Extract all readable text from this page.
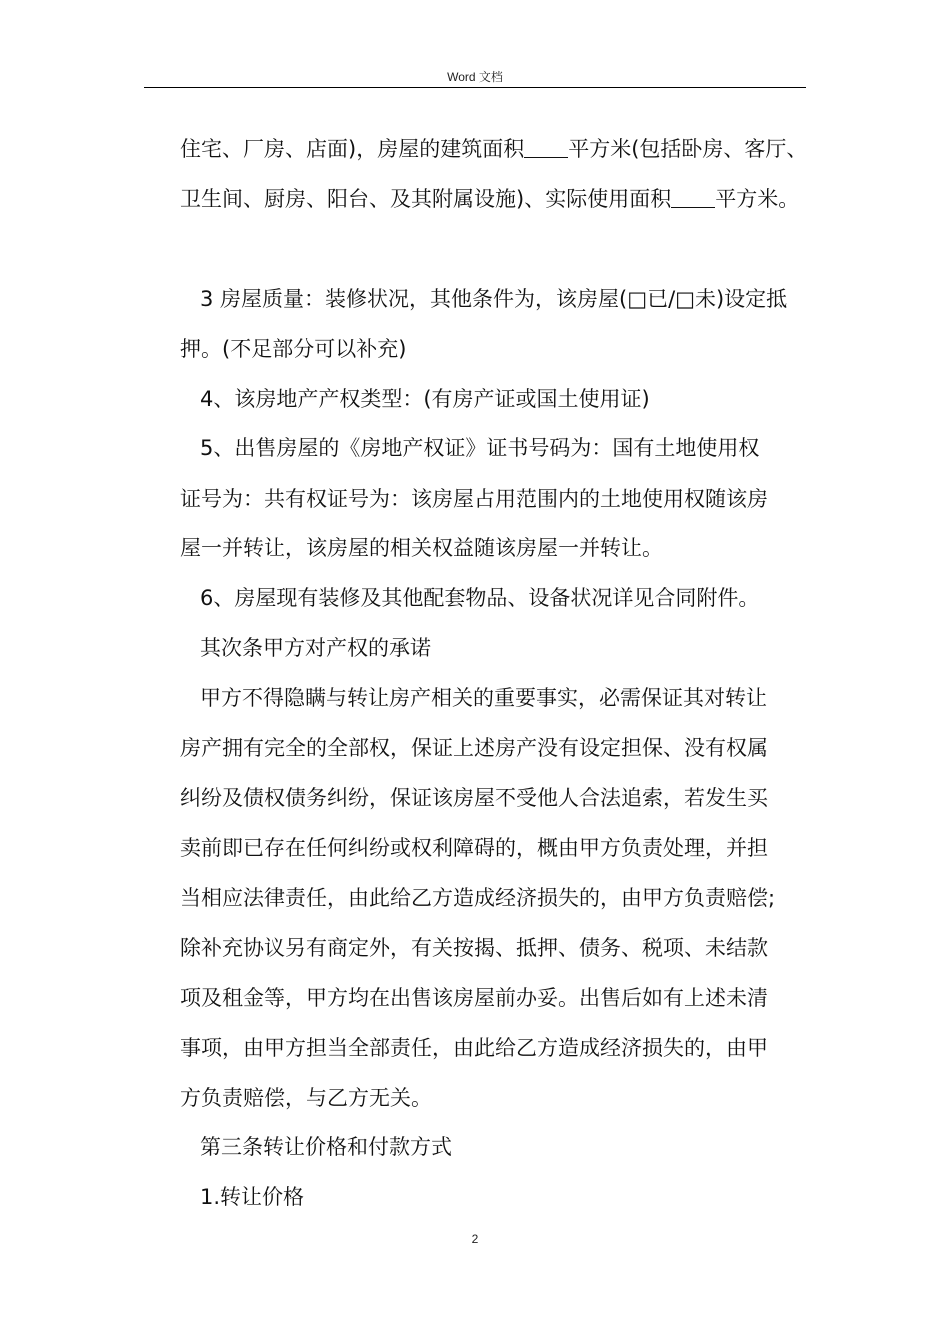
Word 文档
住宅、厂房、店面)，房屋的建筑面积 平方米(包括卧房、客厅、
卫生间、厨房、阳台、及其附属设施)、实际使用面积 平方米。
3 房屋质量：装修状况，其他条件为，该房屋(□已/□未)设定抵
押。(不足部分可以补充)
4、该房地产产权类型：(有房产证或国土使用证)
5、出售房屋的《房地产权证》证书号码为：国有土地使用权
证号为：共有权证号为：该房屋占用范围内的土地使用权随该房
屋一并转让，该房屋的相关权益随该房屋一并转让。
6、房屋现有装修及其他配套物品、设备状况详见合同附件。
其次条甲方对产权的承诺
甲方不得隐瞒与转让房产相关的重要事实，必需保证其对转让
房产拥有完全的全部权，保证上述房产没有设定担保、没有权属
纠纷及债权债务纠纷，保证该房屋不受他人合法追索，若发生买
卖前即已存在任何纠纷或权利障碍的，概由甲方负责处理，并担
当相应法律责任，由此给乙方造成经济损失的，由甲方负责赔偿;
除补充协议另有商定外，有关按揭、抵押、债务、税项、未结款
项及租金等，甲方均在出售该房屋前办妥。出售后如有上述未清
事项，由甲方担当全部责任，由此给乙方造成经济损失的，由甲
方负责赔偿，与乙方无关。
第三条转让价格和付款方式
1.转让价格
2
